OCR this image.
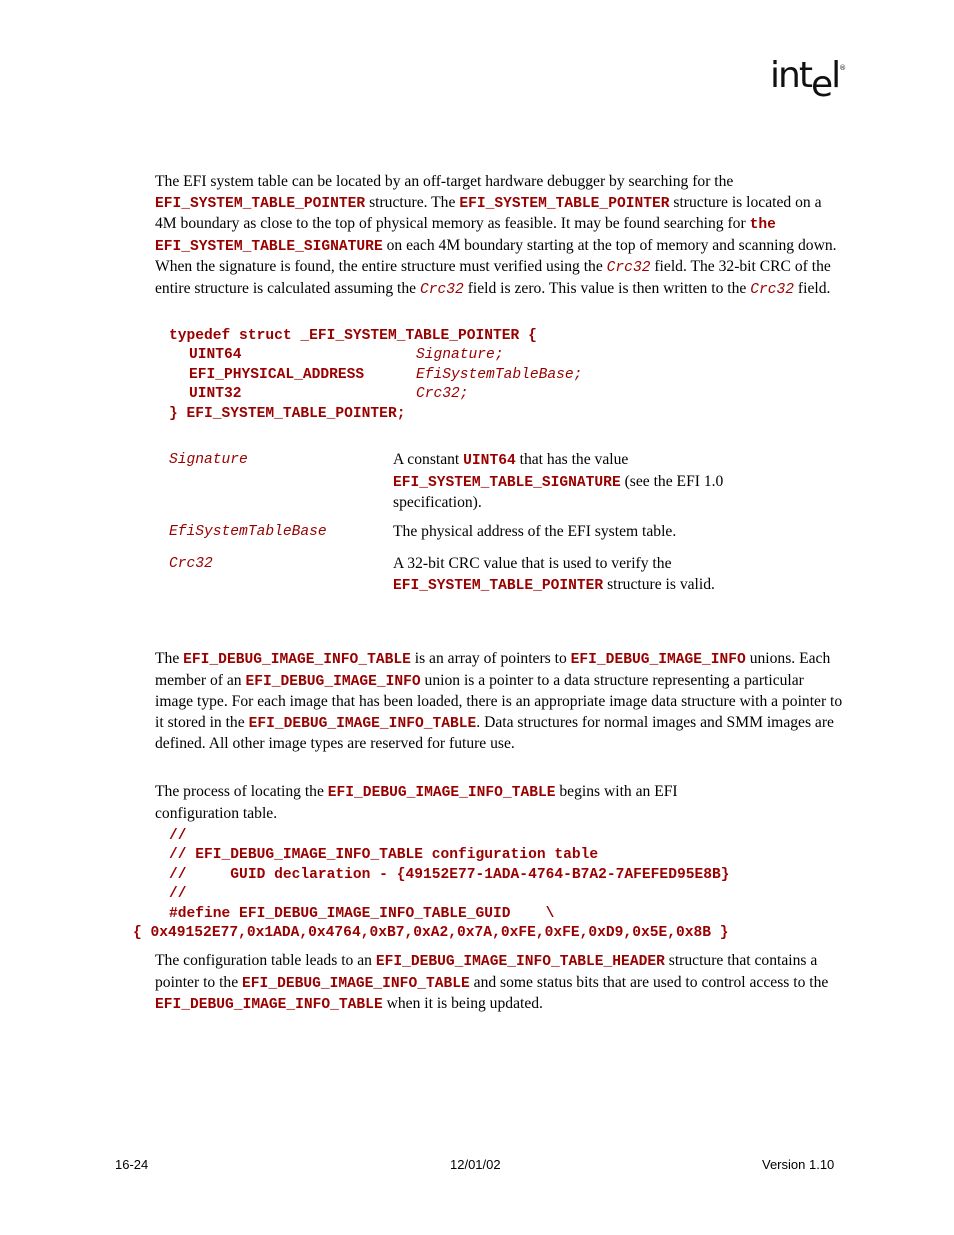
intel®

The EFI system table can be located by an off-target hardware debugger by searching for the EFI_SYSTEM_TABLE_POINTER structure. The EFI_SYSTEM_TABLE_POINTER structure is located on a 4M boundary as close to the top of physical memory as feasible. It may be found searching for the EFI_SYSTEM_TABLE_SIGNATURE on each 4M boundary starting at the top of memory and scanning down. When the signature is found, the entire structure must verified using the Crc32 field. The 32-bit CRC of the entire structure is calculated assuming the Crc32 field is zero. This value is then written to the Crc32 field.

typedef struct _EFI_SYSTEM_TABLE_POINTER {
UINT64	Signature;
EFI_PHYSICAL_ADDRESS	EfiSystemTableBase;
UINT32	Crc32;
} EFI_SYSTEM_TABLE_POINTER;
Signature	A constant UINT64 that has the value EFI_SYSTEM_TABLE_SIGNATURE (see the EFI 1.0 specification).

EfiSystemTableBase	The physical address of the EFI system table.

Crc32	A 32-bit CRC value that is used to verify the EFI_SYSTEM_TABLE_POINTER structure is valid.

The EFI_DEBUG_IMAGE_INFO_TABLE is an array of pointers to EFI_DEBUG_IMAGE_INFO unions. Each member of an EFI_DEBUG_IMAGE_INFO union is a pointer to a data structure representing a particular image type. For each image that has been loaded, there is an appropriate image data structure with a pointer to it stored in the EFI_DEBUG_IMAGE_INFO_TABLE. Data structures for normal images and SMM images are defined. All other image types are reserved for future use.

The process of locating the EFI_DEBUG_IMAGE_INFO_TABLE begins with an EFI configuration table.

//
// EFI_DEBUG_IMAGE_INFO_TABLE configuration table
//     GUID declaration - {49152E77-1ADA-4764-B7A2-7AFEFED95E8B}
//
#define EFI_DEBUG_IMAGE_INFO_TABLE_GUID    \
{ 0x49152E77,0x1ADA,0x4764,0xB7,0xA2,0x7A,0xFE,0xFE,0xD9,0x5E,0x8B }

The configuration table leads to an EFI_DEBUG_IMAGE_INFO_TABLE_HEADER structure that contains a pointer to the EFI_DEBUG_IMAGE_INFO_TABLE and some status bits that are used to control access to the EFI_DEBUG_IMAGE_INFO_TABLE when it is being updated.

16-24	12/01/02	Version 1.10
